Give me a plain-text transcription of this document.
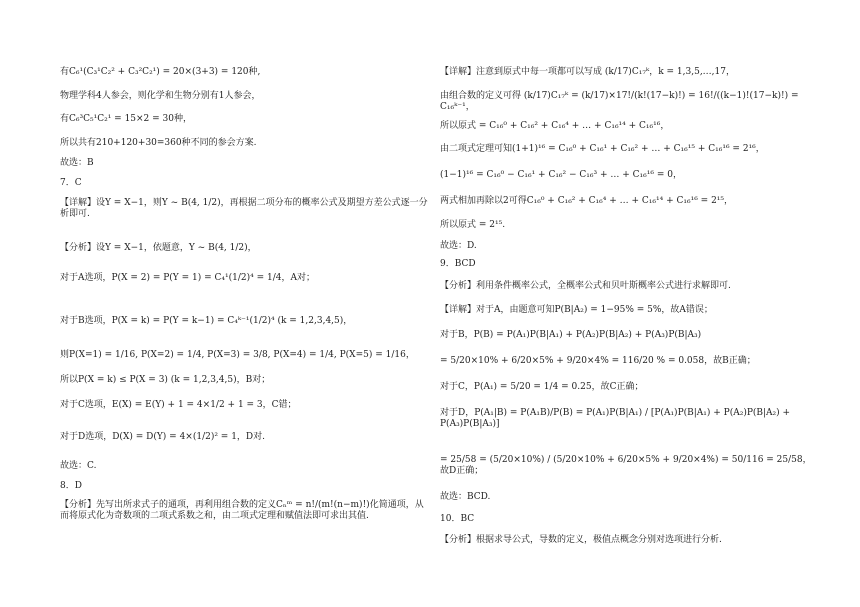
有C₆¹(C₃¹C₂² + C₃²C₂¹) = 20×(3+3) = 120种,
物理学科4人参会，则化学和生物分别有1人参会，
有C₆³C₅¹C₂¹ = 15×2 = 30种，
所以共有210+120+30=360种不同的参会方案.
故选：B
7．C
【详解】设Y = X−1，则Y ~ B(4, 1/2)，再根据二项分布的概率公式及期望方差公式逐一分析即可.
【分析】设Y = X−1，依题意，Y ~ B(4, 1/2)，
对于A选项，P(X = 2) = P(Y = 1) = C₄¹(1/2)⁴ = 1/4，A对；
对于B选项，P(X = k) = P(Y = k−1) = C₄ᵏ⁻¹(1/2)⁴ (k = 1,2,3,4,5)，
则P(X=1) = 1/16, P(X=2) = 1/4, P(X=3) = 3/8, P(X=4) = 1/4, P(X=5) = 1/16，
所以P(X = k) ≤ P(X = 3) (k = 1,2,3,4,5)，B对；
对于C选项，E(X) = E(Y) + 1 = 4×1/2 + 1 = 3，C错；
对于D选项，D(X) = D(Y) = 4×(1/2)² = 1，D对.
故选：C.
8．D
【分析】先写出所求式子的通项，再利用组合数的定义Cₙᵐ = n!/(m!(n−m)!)化简通项，从而将原式化为奇数项的二项式系数之和，由二项式定理和赋值法即可求出其值.
【详解】注意到原式中每一项都可以写成 (k/17)C₁₇ᵏ，k = 1,3,5,…,17，
由组合数的定义可得 (k/17)C₁₇ᵏ = (k/17)×17!/(k!(17−k)!) = 16!/((k−1)!(17−k)!) = C₁₆ᵏ⁻¹，
所以原式 = C₁₆⁰ + C₁₆² + C₁₆⁴ + … + C₁₆¹⁴ + C₁₆¹⁶，
由二项式定理可知(1+1)¹⁶ = C₁₆⁰ + C₁₆¹ + C₁₆² + … + C₁₆¹⁵ + C₁₆¹⁶ = 2¹⁶，
(1−1)¹⁶ = C₁₆⁰ − C₁₆¹ + C₁₆² − C₁₆³ + … + C₁₆¹⁶ = 0，
两式相加再除以2可得C₁₆⁰ + C₁₆² + C₁₆⁴ + … + C₁₆¹⁴ + C₁₆¹⁶ = 2¹⁵，
所以原式 = 2¹⁵.
故选：D.
9．BCD
【分析】利用条件概率公式，全概率公式和贝叶斯概率公式进行求解即可.
【详解】对于A，由题意可知P(B|A₂) = 1−95% = 5%，故A错误；
对于B，P(B) = P(A₁)P(B|A₁) + P(A₂)P(B|A₂) + P(A₃)P(B|A₃)
= 5/20×10% + 6/20×5% + 9/20×4% = 116/20 % = 0.058，故B正确；
对于C，P(A₁) = 5/20 = 1/4 = 0.25，故C正确；
对于D，P(A₁|B) = P(A₁B)/P(B) = P(A₁)P(B|A₁) / [P(A₁)P(B|A₁) + P(A₂)P(B|A₂) + P(A₃)P(B|A₃)]
= 25/58 = (5/20×10%) / (5/20×10% + 6/20×5% + 9/20×4%) = 50/116 = 25/58，故D正确；
故选：BCD.
10．BC
【分析】根据求导公式，导数的定义，极值点概念分别对选项进行分析.
